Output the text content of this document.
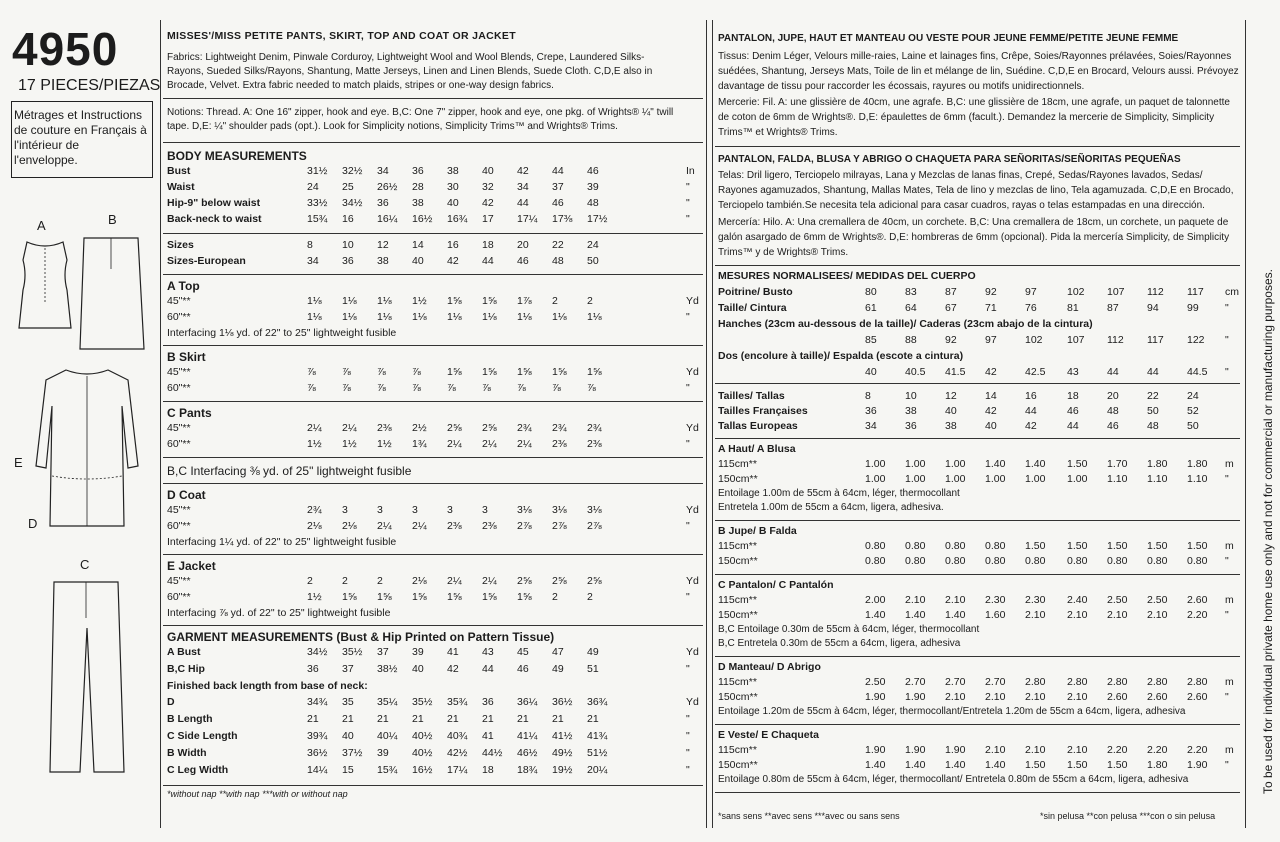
4950
17 PIECES/PIEZAS
Métrages et Instructions
de couture en Français à
l'intérieur de
l'enveloppe.
A	B
E
D
C
MISSES'/MISS PETITE PANTS, SKIRT, TOP AND COAT OR JACKET
Fabrics: Lightweight Denim, Pinwale Corduroy, Lightweight Wool and Wool Blends, Crepe, Laundered Silks-
Rayons, Sueded Silks/Rayons, Shantung, Matte Jerseys, Linen and Linen Blends, Suede Cloth. C,D,E also in
Brocade, Velvet. Extra fabric needed to match plaids, stripes or one-way design fabrics.
Notions: Thread. A: One 16" zipper, hook and eye. B,C: One 7" zipper, hook and eye, one pkg. of Wrights® ¼" twill
tape. D,E: ¼" shoulder pads (opt.). Look for Simplicity notions, Simplicity Trims™ and Wrights® Trims.
BODY MEASUREMENTS
Bust	31½ 32½ 34 36 38 40 42 44 46	In
Waist	24 25 26½ 28 30 32 34 37 39	"
Hip-9" below waist	33½ 34½ 36 38 40 42 44 46 48	"
Back-neck to waist	15¾ 16 16¼ 16½ 16¾ 17 17¼ 17⅜ 17½	"
Sizes	8	10 12 14 16 18 20 22 24
Sizes-European	34 36 38 40 42 44 46 48 50
A Top
45"**	1⅛ 1⅛ 1⅛ 1½ 1⅝ 1⅝ 1⅞ 2	2	Yd
60"**	1⅛ 1⅛ 1⅛ 1⅛ 1⅛ 1⅛ 1⅛ 1⅛ 1⅛	"
Interfacing 1⅛ yd. of 22" to 25" lightweight fusible
B Skirt
45"**	⅞ ⅞ ⅞ ⅞ 1⅝ 1⅝ 1⅝ 1⅝ 1⅝	Yd
60"**	⅞ ⅞ ⅞ ⅞ ⅞ ⅞ ⅞ ⅞ ⅞	"
C Pants
45"**	2¼ 2¼ 2⅜ 2½ 2⅝ 2⅝ 2¾ 2¾ 2¾	Yd
60"**	1½ 1½ 1½ 1¾ 2¼ 2¼ 2¼ 2⅜ 2⅜	"
B,C Interfacing ⅜ yd. of 25" lightweight fusible
D Coat
45"**	2¾ 3	3	3	3	3	3⅛ 3⅛ 3⅛	Yd
60"**	2⅛ 2⅛ 2¼ 2¼ 2⅜ 2⅜ 2⅞ 2⅞ 2⅞	"
Interfacing 1¼ yd. of 22" to 25" lightweight fusible
E Jacket
45"**	2	2	2	2⅛ 2¼ 2¼ 2⅝ 2⅝ 2⅝	Yd
60"**	1½ 1⅝ 1⅝ 1⅝ 1⅝ 1⅝ 1⅝ 2	2	"
Interfacing ⅞ yd. of 22" to 25" lightweight fusible
GARMENT MEASUREMENTS (Bust & Hip Printed on Pattern Tissue)
A Bust	34½ 35½ 37 39 41 43 45 47 49	Yd
B,C Hip	36 37 38½ 40 42 44 46 49 51	"
Finished back length from base of neck:
D	34¾ 35 35¼ 35½ 35¾ 36 36¼ 36½ 36¾	Yd
B Length	21 21 21 21 21 21 21 21 21	"
C Side Length	39¾ 40 40¼ 40½ 40¾ 41 41¼ 41½ 41¾	"
B Width	36½ 37½ 39 40½ 42½ 44½ 46½ 49½ 51½	"
C Leg Width	14¼ 15 15¾ 16½ 17¼ 18 18¾ 19½ 20¼	"
*without nap **with nap ***with or without nap
PANTALON, JUPE, HAUT ET MANTEAU OU VESTE POUR JEUNE FEMME/PETITE JEUNE FEMME
Tissus: Denim Léger, Velours mille-raies, Laine et lainages fins, Crêpe, Soies/Rayonnes prélavées, Soies/Rayonnes
suédées, Shantung, Jerseys Mats, Toile de lin et mélange de lin, Suédine. C,D,E en Brocard, Velours aussi. Prévoyez
davantage de tissu pour raccorder les écossais, rayures ou motifs unidirectionnels.
Mercerie: Fil. A: une glissière de 40cm, une agrafe. B,C: une glissière de 18cm, une agrafe, un paquet de talonnette
de coton de 6mm de Wrights®. D,E: épaulettes de 6mm (facult.). Demandez la mercerie de Simplicity, Simplicity
Trims™ et Wrights® Trims.
PANTALON, FALDA, BLUSA Y ABRIGO O CHAQUETA PARA SEÑORITAS/SEÑORITAS PEQUEÑAS
Telas: Dril ligero, Terciopelo milrayas, Lana y Mezclas de lanas finas, Crepé, Sedas/Rayones lavados, Sedas/
Rayones agamuzados, Shantung, Mallas Mates, Tela de lino y mezclas de lino, Tela agamuzada. C,D,E en Brocado,
Terciopelo también.Se necesita tela adicional para casar cuadros, rayas o telas estampadas en una dirección.
Mercería: Hilo. A: Una cremallera de 40cm, un corchete. B,C: Una cremallera de 18cm, un corchete, un paquete de
galón asargado de 6mm de Wrights®. D,E: hombreras de 6mm (opcional). Pida la mercería Simplicity, de Simplicity
Trims™ y de Wrights® Trims.
MESURES NORMALISEES/ MEDIDAS DEL CUERPO
Poitrine/ Busto	80	83	87	92	97	102 107 112 117 cm
Taille/ Cintura	61	64	67	71	76	81	87	94	99	"
Hanches (23cm au-dessous de la taille)/ Caderas (23cm abajo de la cintura)
85	88	92	97	102 107 112 117 122 "
Dos (encolure à taille)/ Espalda (escote a cintura)
40	40.5 41.5 42	42.5 43	44	44	44.5 "
Tailles/ Tallas	8	10	12	14	16	18	20	22	24
Tailles Françaises	36	38	40	42	44	46	48	50	52
Tallas Europeas	34	36	38	40	42	44	46	48	50
A Haut/ A Blusa
115cm**	1.00 1.00 1.00 1.40 1.40 1.50 1.70 1.80 1.80 m
150cm**	1.00 1.00 1.00 1.00 1.00 1.00 1.10 1.10 1.10 "
Entoilage 1.00m de 55cm à 64cm, léger, thermocollant
Entretela 1.00m de 55cm a 64cm, ligera, adhesiva.
B Jupe/ B Falda
115cm**	0.80 0.80 0.80 0.80 1.50 1.50 1.50 1.50 1.50 m
150cm**	0.80 0.80 0.80 0.80 0.80 0.80 0.80 0.80 0.80 "
C Pantalon/ C Pantalón
115cm**	2.00 2.10 2.10 2.30 2.30 2.40 2.50 2.50 2.60 m
150cm**	1.40 1.40 1.40 1.60 2.10 2.10 2.10 2.10 2.20 "
B,C Entoilage 0.30m de 55cm à 64cm, léger, thermocollant
B,C Entretela 0.30m de 55cm a 64cm, ligera, adhesiva
D Manteau/ D Abrigo
115cm**	2.50 2.70 2.70 2.70 2.80 2.80 2.80 2.80 2.80 m
150cm**	1.90 1.90 2.10 2.10 2.10 2.10 2.60 2.60 2.60 "
Entoilage 1.20m de 55cm à 64cm, léger, thermocollant/Entretela 1.20m de 55cm a 64cm, ligera, adhesiva
E Veste/ E Chaqueta
115cm**	1.90 1.90 1.90 2.10 2.10 2.10 2.20 2.20 2.20 m
150cm**	1.40 1.40 1.40 1.40 1.50 1.50 1.50 1.80 1.90 "
Entoilage 0.80m de 55cm à 64cm, léger, thermocollant/ Entretela 0.80m de 55cm a 64cm, ligera, adhesiva
*sans sens **avec sens ***avec ou sans sens	*sin pelusa **con pelusa ***con o sin pelusa
To be used for individual private home use only and not for commercial or manufacturing purposes.
